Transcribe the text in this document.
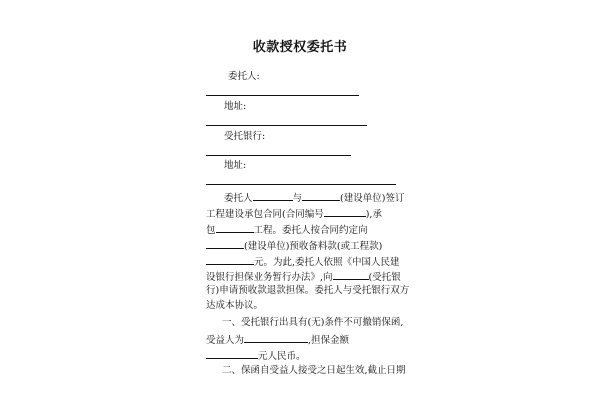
收款授权委托书
委托人:
地址:
受托银行:
地址:
委托人	与	(建设单位)签订
工程建设承包合同(合同编号	),承
包	工程。委托人按合同约定向
(建设单位)预收备料款(或工程款)
元。为此,委托人依照《中国人民建
设银行担保业务暂行办法》,向	(受托银
行)申请预收款退款担保。委托人与受托银行双方
达成本协议。
一、受托银行出具有(无)条件不可撤销保函,
受益人为	,担保金额
元人民币。
二、保函自受益人接受之日起生效,截止日期
